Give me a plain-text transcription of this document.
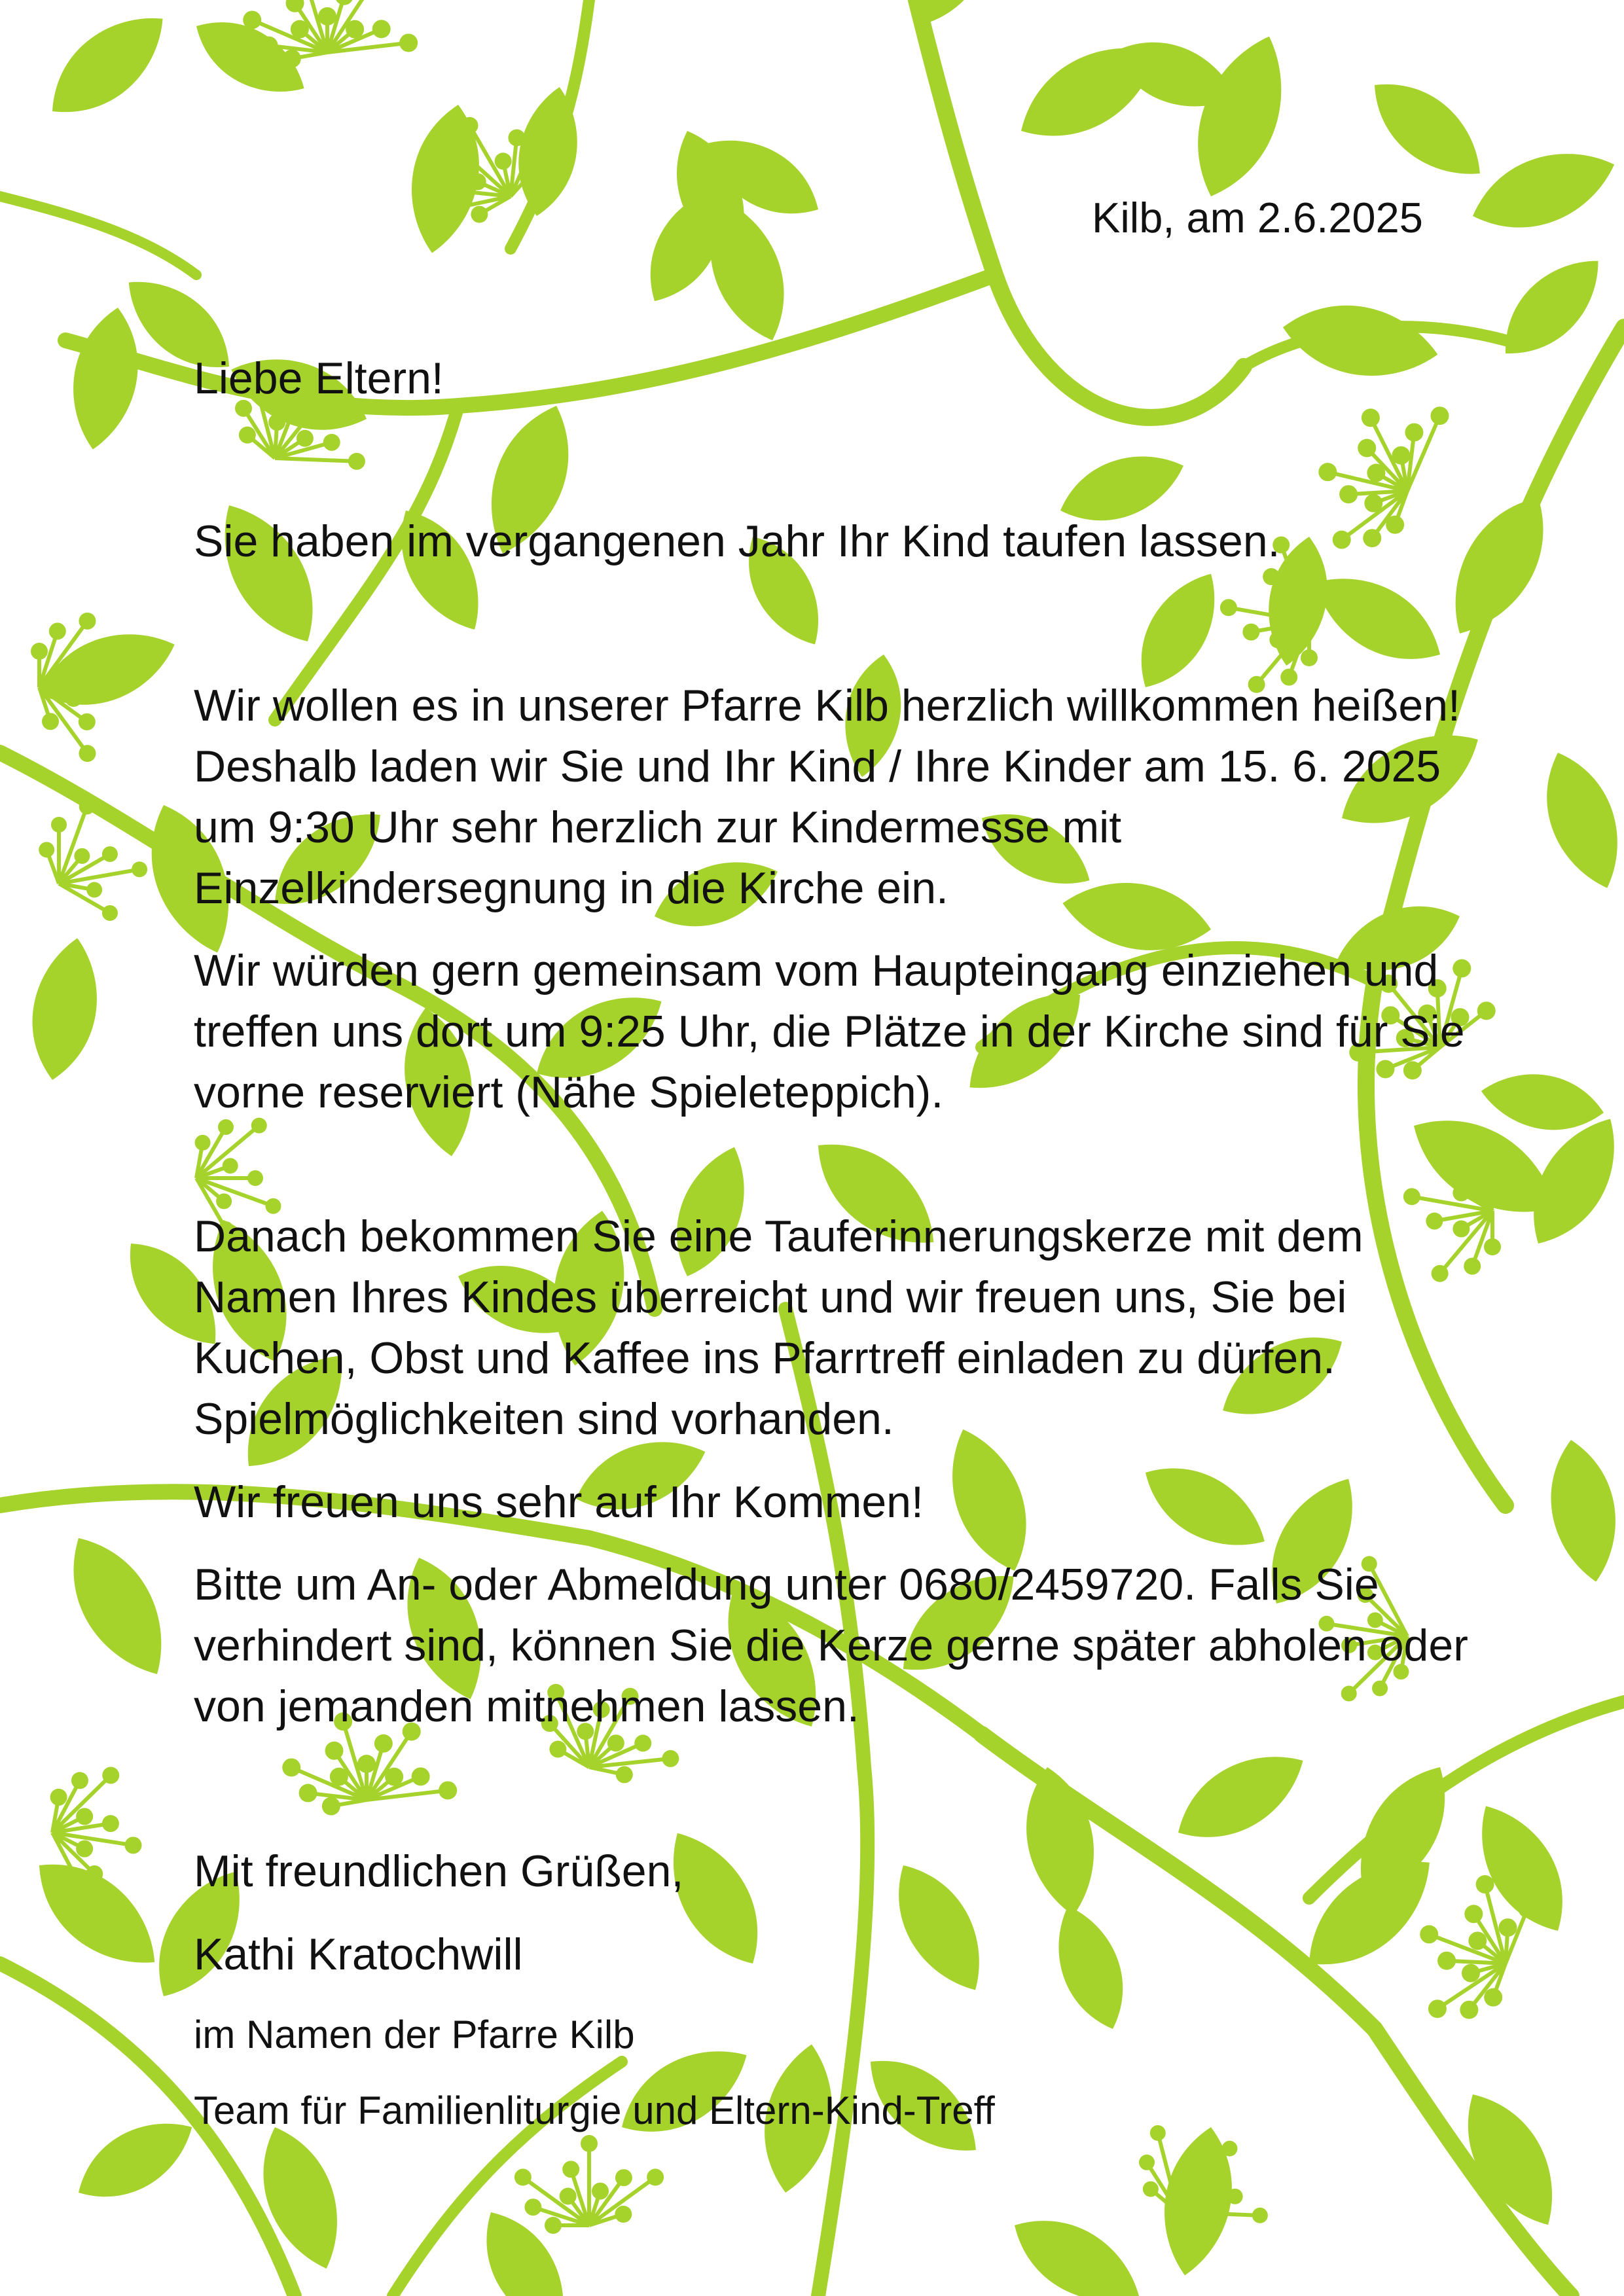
Kilb, am 2.6.2025

Liebe Eltern!

Sie haben im vergangenen Jahr Ihr Kind taufen lassen.

Wir wollen es in unserer Pfarre Kilb herzlich willkommen heißen! Deshalb laden wir Sie und Ihr Kind / Ihre Kinder am 15. 6. 2025 um 9:30 Uhr sehr herzlich zur Kindermesse mit Einzelkindersegnung in die Kirche ein.

Wir würden gern gemeinsam vom Haupteingang einziehen und treffen uns dort um 9:25 Uhr, die Plätze in der Kirche sind für Sie vorne reserviert (Nähe Spieleteppich).

Danach bekommen Sie eine Tauferinnerungskerze mit dem Namen Ihres Kindes überreicht und wir freuen uns, Sie bei Kuchen, Obst und Kaffee ins Pfarrtreff einladen zu dürfen. Spielmöglichkeiten sind vorhanden.

Wir freuen uns sehr auf Ihr Kommen!

Bitte um An- oder Abmeldung unter 0680/2459720. Falls Sie verhindert sind, können Sie die Kerze gerne später abholen oder von jemanden mitnehmen lassen.

Mit freundlichen Grüßen,

Kathi Kratochwill

im Namen der Pfarre Kilb

Team für Familienliturgie und Eltern-Kind-Treff
